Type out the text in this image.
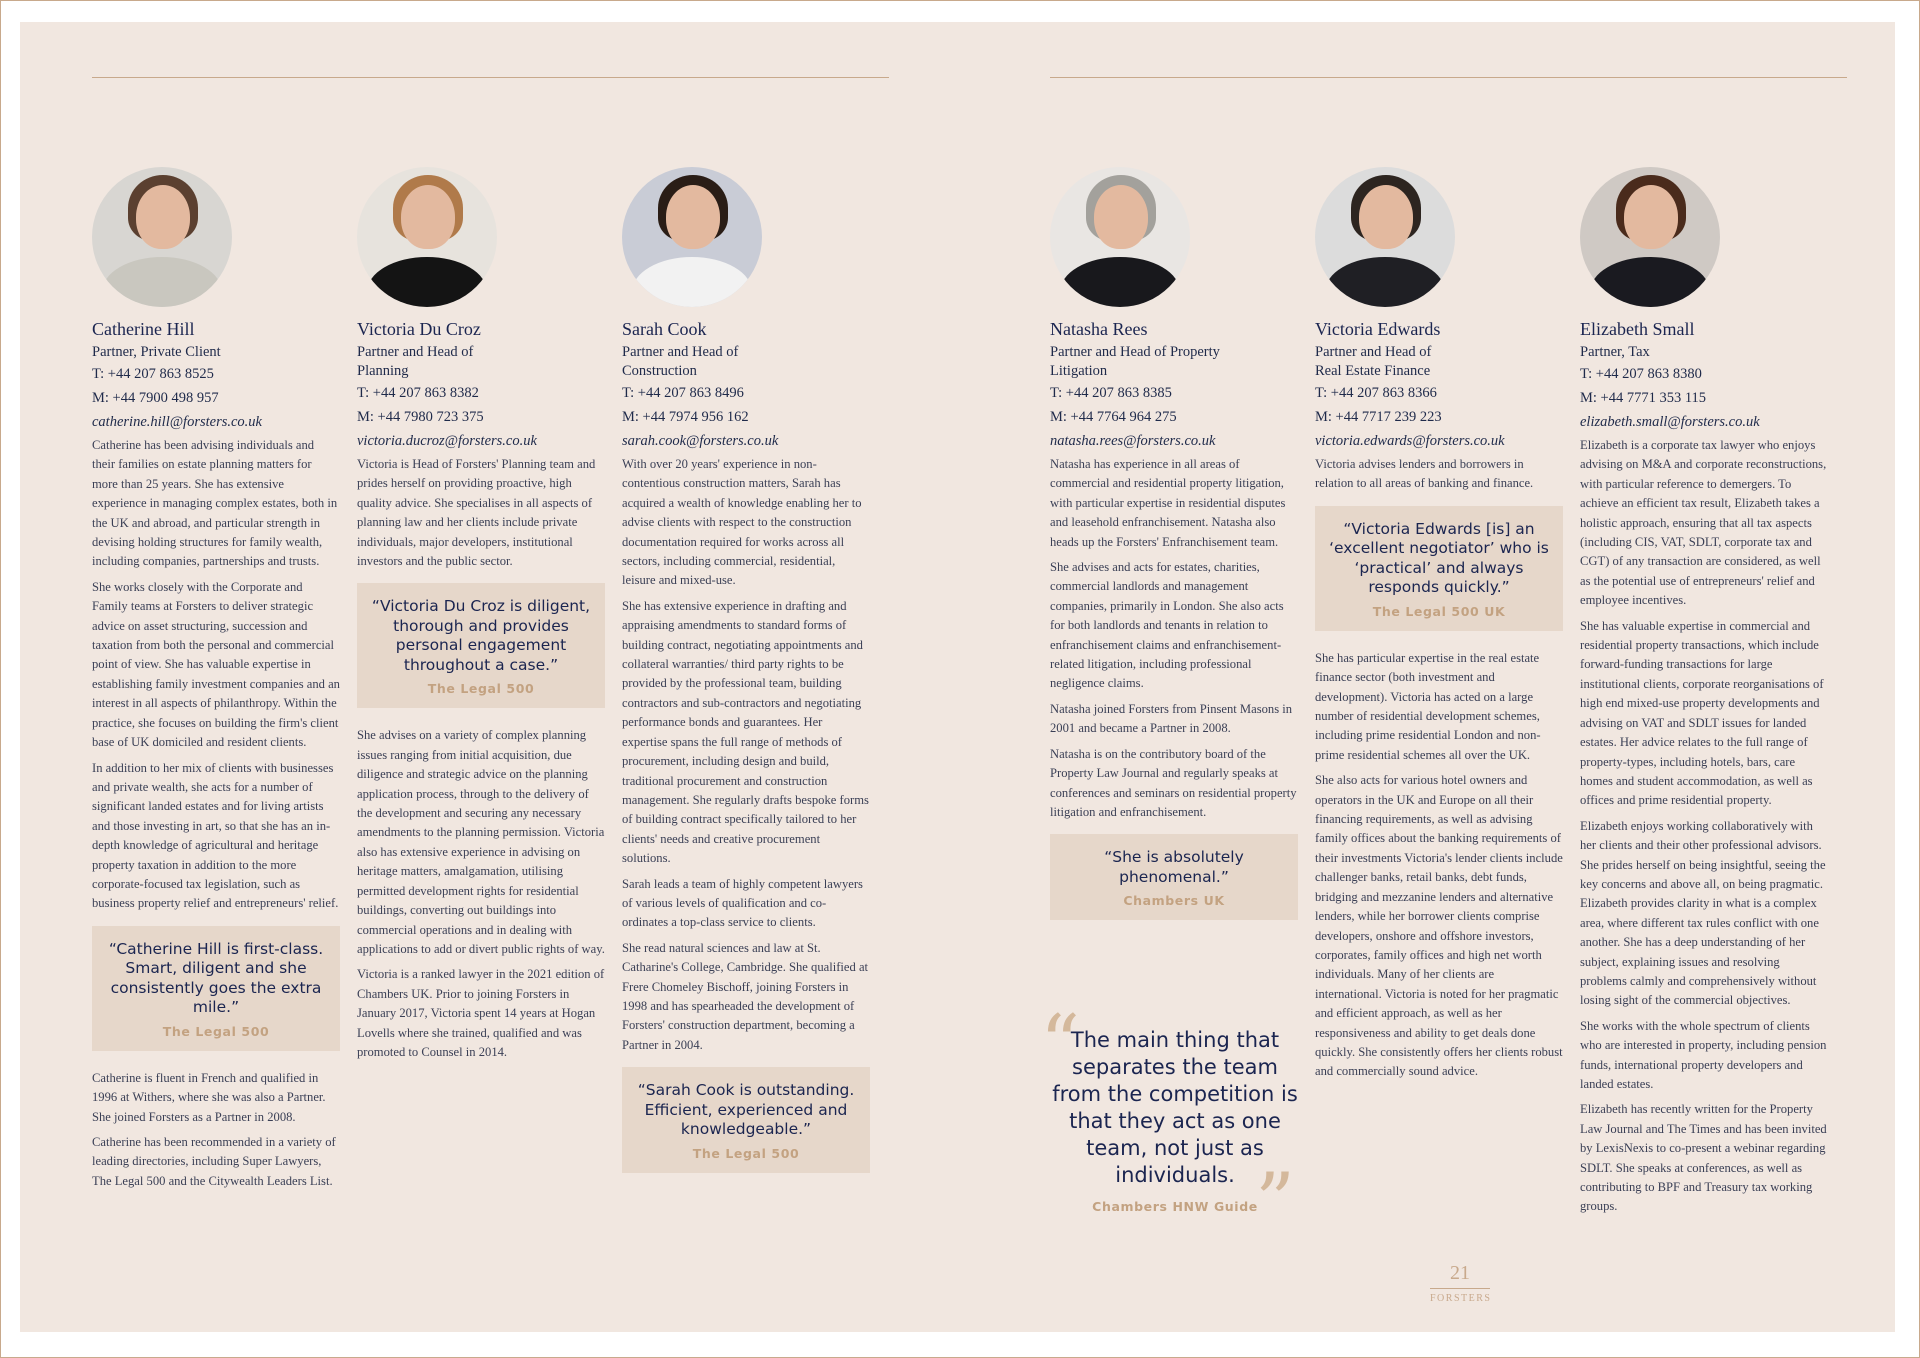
Catherine Hill
Partner, Private Client
T: +44 207 863 8525
M: +44 7900 498 957
catherine.hill@forsters.co.uk

Catherine has been advising individuals and their families on estate planning matters for more than 25 years. She has extensive experience in managing complex estates, both in the UK and abroad, and particular strength in devising holding structures for family wealth, including companies, partnerships and trusts.

She works closely with the Corporate and Family teams at Forsters to deliver strategic advice on asset structuring, succession and taxation from both the personal and commercial point of view. She has valuable expertise in establishing family investment companies and an interest in all aspects of philanthropy. Within the practice, she focuses on building the firm's client base of UK domiciled and resident clients.

In addition to her mix of clients with businesses and private wealth, she acts for a number of significant landed estates and for living artists and those investing in art, so that she has an in-depth knowledge of agricultural and heritage property taxation in addition to the more corporate-focused tax legislation, such as business property relief and entrepreneurs' relief.

“Catherine Hill is first-class. Smart, diligent and she consistently goes the extra mile.”
The Legal 500

Catherine is fluent in French and qualified in 1996 at Withers, where she was also a Partner. She joined Forsters as a Partner in 2008.

Catherine has been recommended in a variety of leading directories, including Super Lawyers, The Legal 500 and the Citywealth Leaders List.

Victoria Du Croz
Partner and Head of
Planning
T: +44 207 863 8382
M: +44 7980 723 375
victoria.ducroz@forsters.co.uk

Victoria is Head of Forsters' Planning team and prides herself on providing proactive, high quality advice. She specialises in all aspects of planning law and her clients include private individuals, major developers, institutional investors and the public sector.

“Victoria Du Croz is diligent, thorough and provides personal engagement throughout a case.”
The Legal 500

She advises on a variety of complex planning issues ranging from initial acquisition, due diligence and strategic advice on the planning application process, through to the delivery of the development and securing any necessary amendments to the planning permission. Victoria also has extensive experience in advising on heritage matters, amalgamation, utilising permitted development rights for residential buildings, converting out buildings into commercial operations and in dealing with applications to add or divert public rights of way.

Victoria is a ranked lawyer in the 2021 edition of Chambers UK. Prior to joining Forsters in January 2017, Victoria spent 14 years at Hogan Lovells where she trained, qualified and was promoted to Counsel in 2014.

Sarah Cook
Partner and Head of
Construction
T: +44 207 863 8496
M: +44 7974 956 162
sarah.cook@forsters.co.uk

With over 20 years' experience in non-contentious construction matters, Sarah has acquired a wealth of knowledge enabling her to advise clients with respect to the construction documentation required for works across all sectors, including commercial, residential, leisure and mixed-use.

She has extensive experience in drafting and appraising amendments to standard forms of building contract, negotiating appointments and collateral warranties/ third party rights to be provided by the professional team, building contractors and sub-contractors and negotiating performance bonds and guarantees. Her expertise spans the full range of methods of procurement, including design and build, traditional procurement and construction management. She regularly drafts bespoke forms of building contract specifically tailored to her clients' needs and creative procurement solutions.

Sarah leads a team of highly competent lawyers of various levels of qualification and co-ordinates a top-class service to clients.

She read natural sciences and law at St. Catharine's College, Cambridge. She qualified at Frere Chomeley Bischoff, joining Forsters in 1998 and has spearheaded the development of Forsters' construction department, becoming a Partner in 2004.

“Sarah Cook is outstanding. Efficient, experienced and knowledgeable.”
The Legal 500
Natasha Rees
Partner and Head of Property
Litigation
T: +44 207 863 8385
M: +44 7764 964 275
natasha.rees@forsters.co.uk

Natasha has experience in all areas of commercial and residential property litigation, with particular expertise in residential disputes and leasehold enfranchisement. Natasha also heads up the Forsters' Enfranchisement team.

She advises and acts for estates, charities, commercial landlords and management companies, primarily in London. She also acts for both landlords and tenants in relation to enfranchisement claims and enfranchisement-related litigation, including professional negligence claims.

Natasha joined Forsters from Pinsent Masons in 2001 and became a Partner in 2008.

Natasha is on the contributory board of the Property Law Journal and regularly speaks at conferences and seminars on residential property litigation and enfranchisement.

“She is absolutely phenomenal.”
Chambers UK
Victoria Edwards
Partner and Head of
Real Estate Finance
T: +44 207 863 8366
M: +44 7717 239 223
victoria.edwards@forsters.co.uk

Victoria advises lenders and borrowers in relation to all areas of banking and finance.

“Victoria Edwards [is] an ‘excellent negotiator’ who is ‘practical’ and always responds quickly.”
The Legal 500 UK

She has particular expertise in the real estate finance sector (both investment and development). Victoria has acted on a large number of residential development schemes, including prime residential London and non-prime residential schemes all over the UK.

She also acts for various hotel owners and operators in the UK and Europe on all their financing requirements, as well as advising family offices about the banking requirements of their investments Victoria's lender clients include challenger banks, retail banks, debt funds, bridging and mezzanine lenders and alternative lenders, while her borrower clients comprise developers, onshore and offshore investors, corporates, family offices and high net worth individuals. Many of her clients are international. Victoria is noted for her pragmatic and efficient approach, as well as her responsiveness and ability to get deals done quickly. She consistently offers her clients robust and commercially sound advice.

Elizabeth Small
Partner, Tax
T: +44 207 863 8380
M: +44 7771 353 115
elizabeth.small@forsters.co.uk

Elizabeth is a corporate tax lawyer who enjoys advising on M&A and corporate reconstructions, with particular reference to demergers. To achieve an efficient tax result, Elizabeth takes a holistic approach, ensuring that all tax aspects (including CIS, VAT, SDLT, corporate tax and CGT) of any transaction are considered, as well as the potential use of entrepreneurs' relief and employee incentives.

She has valuable expertise in commercial and residential property transactions, which include forward-funding transactions for large institutional clients, corporate reorganisations of high end mixed-use property developments and advising on VAT and SDLT issues for landed estates. Her advice relates to the full range of property-types, including hotels, bars, care homes and student accommodation, as well as offices and prime residential property.

Elizabeth enjoys working collaboratively with her clients and their other professional advisors. She prides herself on being insightful, seeing the key concerns and above all, on being pragmatic. Elizabeth provides clarity in what is a complex area, where different tax rules conflict with one another. She has a deep understanding of her subject, explaining issues and resolving problems calmly and comprehensively without losing sight of the commercial objectives.

She works with the whole spectrum of clients who are interested in property, including pension funds, international property developers and landed estates.

Elizabeth has recently written for the Property Law Journal and The Times and has been invited by LexisNexis to co-present a webinar regarding SDLT. She speaks at conferences, as well as contributing to BPF and Treasury tax working groups.

“
The main thing that separates the team from the competition is that they act as one team, not just as individuals. ”
Chambers HNW Guide
21
FORSTERS
